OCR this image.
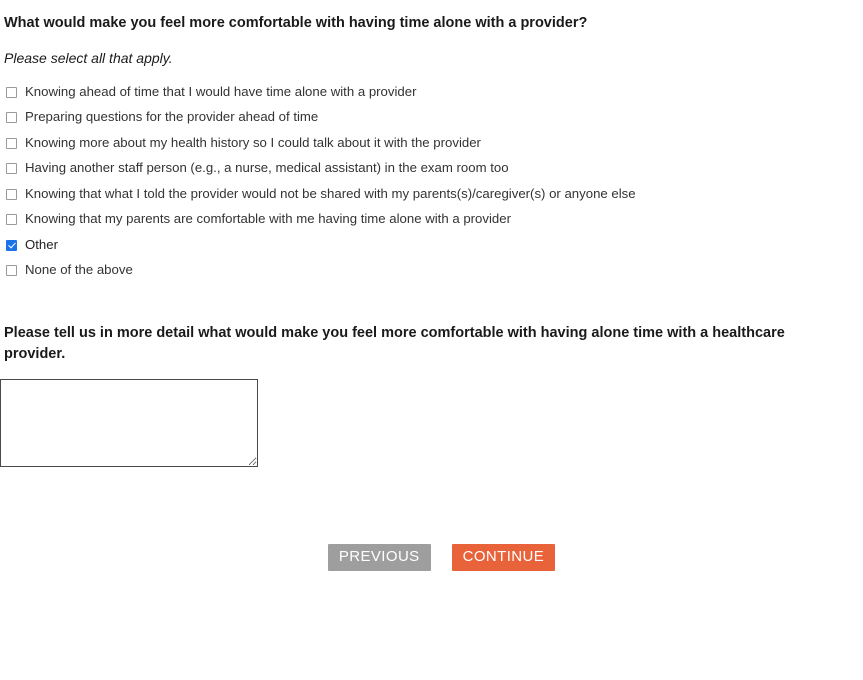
What would make you feel more comfortable with having time alone with a provider?
Please select all that apply.
Knowing ahead of time that I would have time alone with a provider
Preparing questions for the provider ahead of time
Knowing more about my health history so I could talk about it with the provider
Having another staff person (e.g., a nurse, medical assistant) in the exam room too
Knowing that what I told the provider would not be shared with my parents(s)/caregiver(s) or anyone else
Knowing that my parents are comfortable with me having time alone with a provider
Other
None of the above
Please tell us in more detail what would make you feel more comfortable with having alone time with a healthcare provider.
PREVIOUS	CONTINUE
